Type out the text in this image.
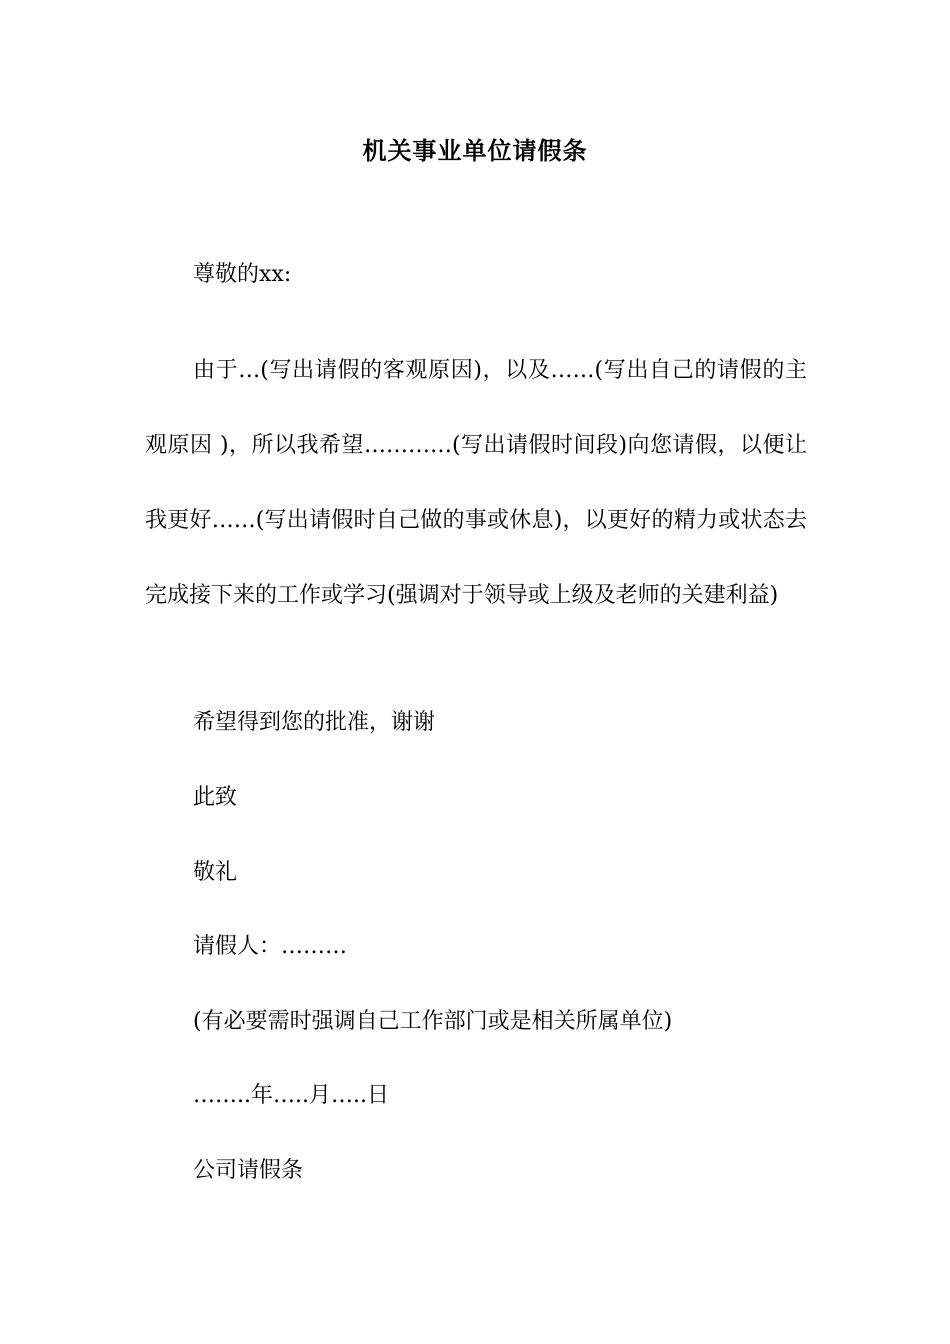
机关事业单位请假条
尊敬的xx:

由于…(写出请假的客观原因)，以及……(写出自己的请假的主观原因 )，所以我希望…………(写出请假时间段)向您请假，以便让我更好……(写出请假时自己做的事或休息)，以更好的精力或状态去完成接下来的工作或学习(强调对于领导或上级及老师的关建利益)

希望得到您的批准，谢谢
此致
敬礼
请假人：………
(有必要需时强调自己工作部门或是相关所属单位)
……..年…..月…..日
公司请假条
